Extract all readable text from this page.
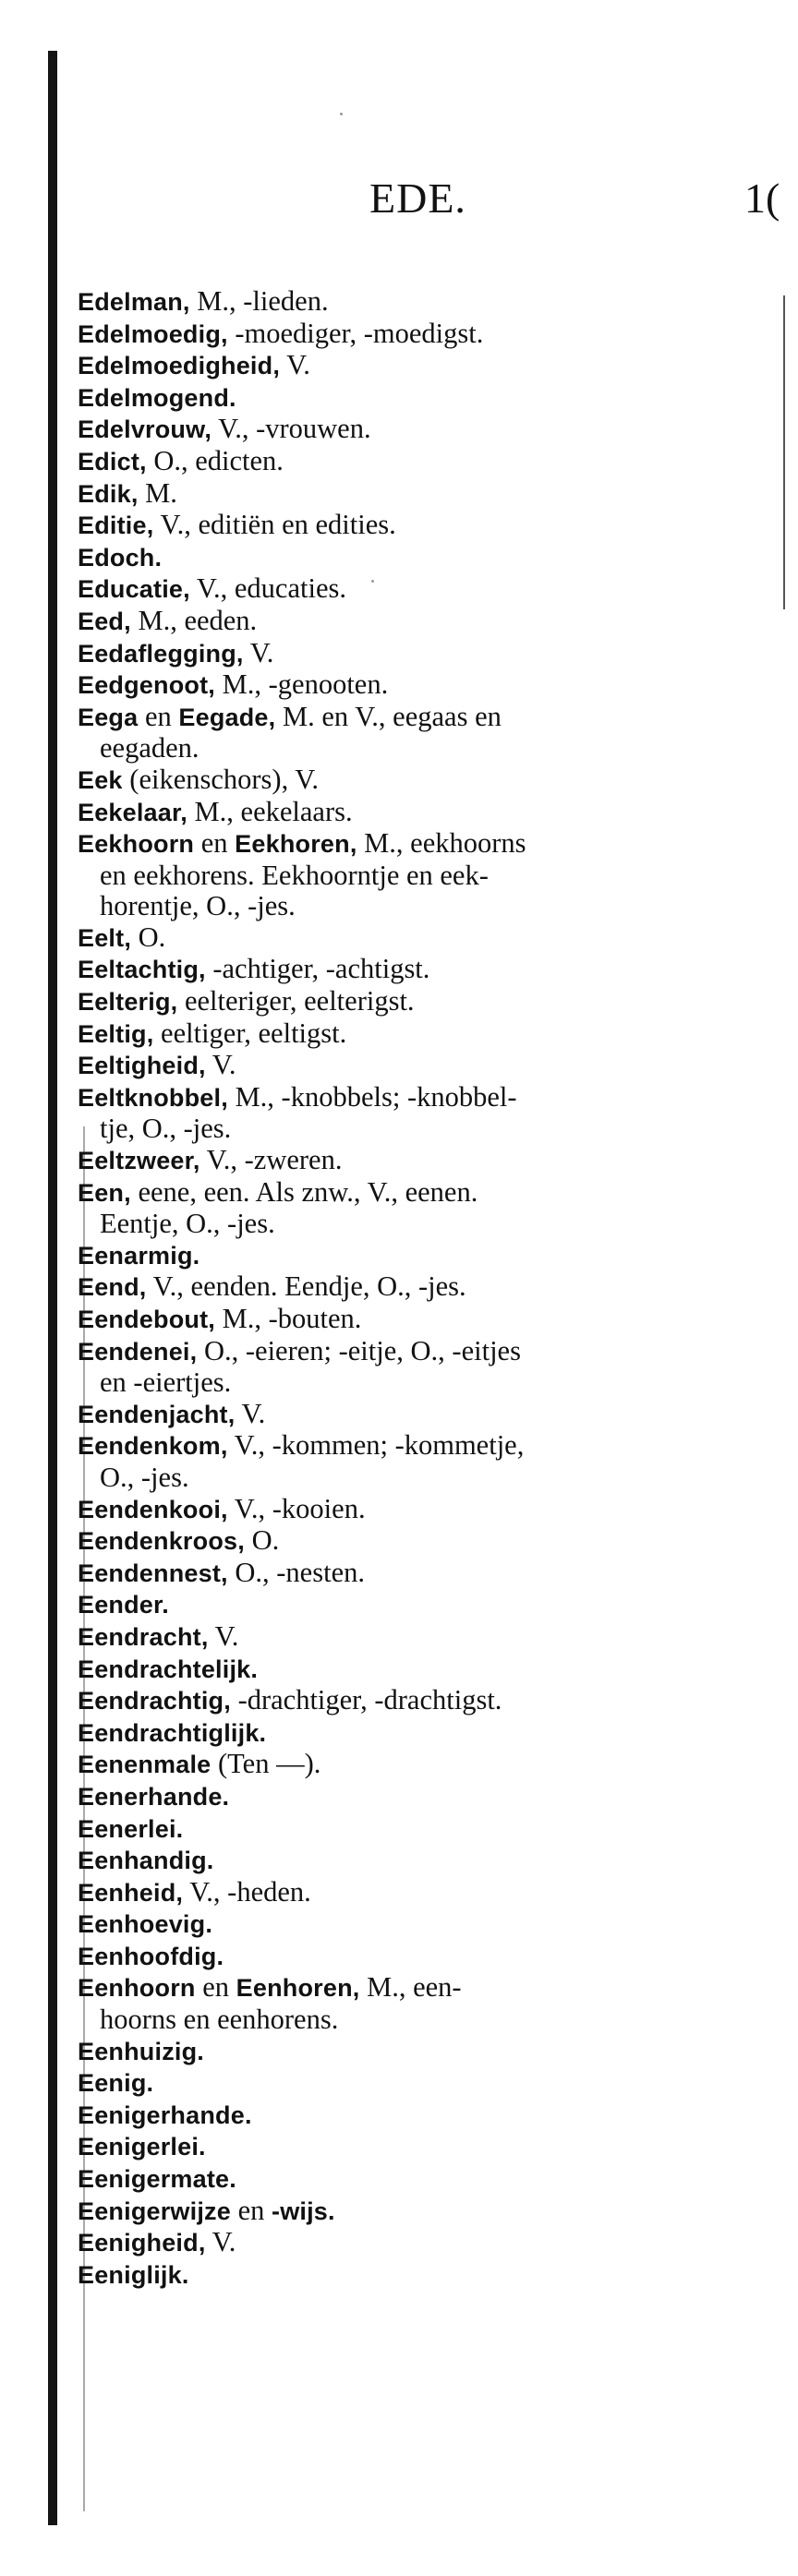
EDE.	1(
Edelman, M., -lieden.
Edelmoedig, -moediger, -moedigst.
Edelmoedigheid, V.
Edelmogend.
Edelvrouw, V., -vrouwen.
Edict, O., edicten.
Edik, M.
Editie, V., editiën en edities.
Edoch.
Educatie, V., educaties.
Eed, M., eeden.
Eedaflegging, V.
Eedgenoot, M., -genooten.
Eega en Eegade, M. en V., eegaas en
eegaden.
Eek (eikenschors), V.
Eekelaar, M., eekelaars.
Eekhoorn en Eekhoren, M., eekhoorns
en eekhorens. Eekhoorntje en eek-
horentje, O., -jes.
Eelt, O.
Eeltachtig, -achtiger, -achtigst.
Eelterig, eelteriger, eelterigst.
Eeltig, eeltiger, eeltigst.
Eeltigheid, V.
Eeltknobbel, M., -knobbels; -knobbel-
tje, O., -jes.
Eeltzweer, V., -zweren.
Een, eene, een. Als znw., V., eenen.
Eentje, O., -jes.
Eenarmig.
Eend, V., eenden. Eendje, O., -jes.
Eendebout, M., -bouten.
Eendenei, O., -eieren; -eitje, O., -eitjes
en -eiertjes.
Eendenjacht, V.
Eendenkom, V., -kommen; -kommetje,
O., -jes.
Eendenkooi, V., -kooien.
Eendenkroos, O.
Eendennest, O., -nesten.
Eender.
Eendracht, V.
Eendrachtelijk.
Eendrachtig, -drachtiger, -drachtigst.
Eendrachtiglijk.
Eenenmale (Ten —).
Eenerhande.
Eenerlei.
Eenhandig.
Eenheid, V., -heden.
Eenhoevig.
Eenhoofdig.
Eenhoorn en Eenhoren, M., een-
hoorns en eenhorens.
Eenhuizig.
Eenig.
Eenigerhande.
Eenigerlei.
Eenigermate.
Eenigerwijze en -wijs.
Eenigheid, V.
Eeniglijk.
